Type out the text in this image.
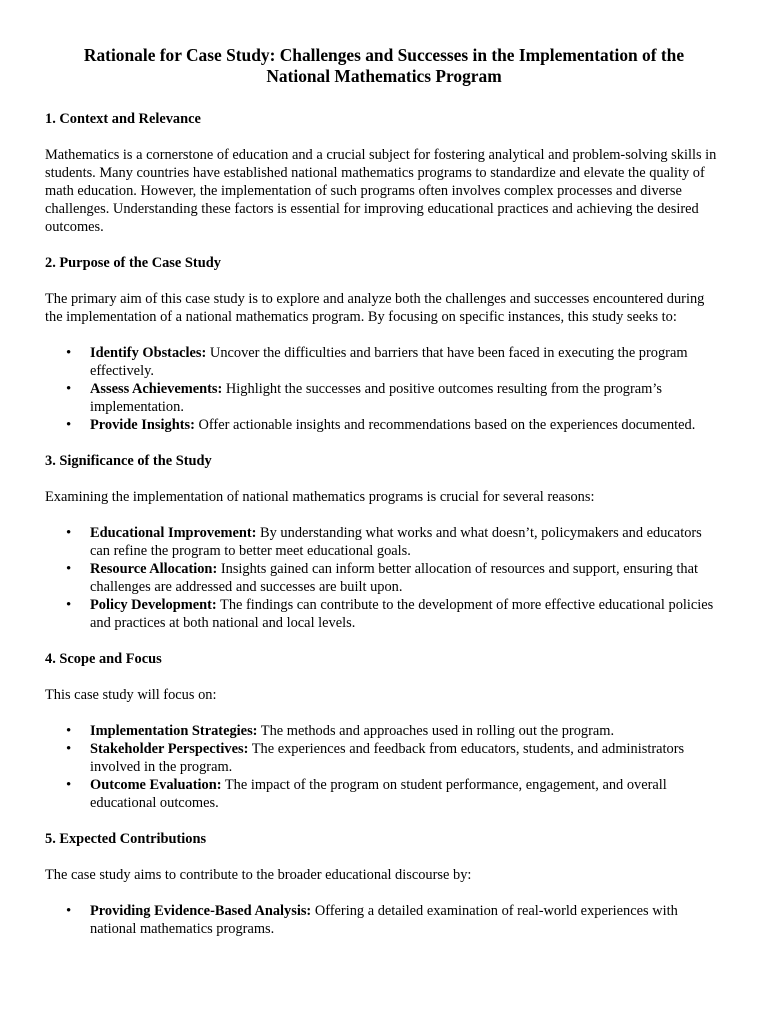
Rationale for Case Study: Challenges and Successes in the Implementation of the National Mathematics Program
1. Context and Relevance

Mathematics is a cornerstone of education and a crucial subject for fostering analytical and problem-solving skills in students. Many countries have established national mathematics programs to standardize and elevate the quality of math education. However, the implementation of such programs often involves complex processes and diverse challenges. Understanding these factors is essential for improving educational practices and achieving the desired outcomes.

2. Purpose of the Case Study

The primary aim of this case study is to explore and analyze both the challenges and successes encountered during the implementation of a national mathematics program. By focusing on specific instances, this study seeks to:

• Identify Obstacles: Uncover the difficulties and barriers that have been faced in executing the program effectively.
• Assess Achievements: Highlight the successes and positive outcomes resulting from the program’s implementation.
• Provide Insights: Offer actionable insights and recommendations based on the experiences documented.
3. Significance of the Study

Examining the implementation of national mathematics programs is crucial for several reasons:

• Educational Improvement: By understanding what works and what doesn’t, policymakers and educators can refine the program to better meet educational goals.
• Resource Allocation: Insights gained can inform better allocation of resources and support, ensuring that challenges are addressed and successes are built upon.
• Policy Development: The findings can contribute to the development of more effective educational policies and practices at both national and local levels.
4. Scope and Focus

This case study will focus on:

• Implementation Strategies: The methods and approaches used in rolling out the program.
• Stakeholder Perspectives: The experiences and feedback from educators, students, and administrators involved in the program.
• Outcome Evaluation: The impact of the program on student performance, engagement, and overall educational outcomes.
5. Expected Contributions

The case study aims to contribute to the broader educational discourse by:

• Providing Evidence-Based Analysis: Offering a detailed examination of real-world experiences with national mathematics programs.
